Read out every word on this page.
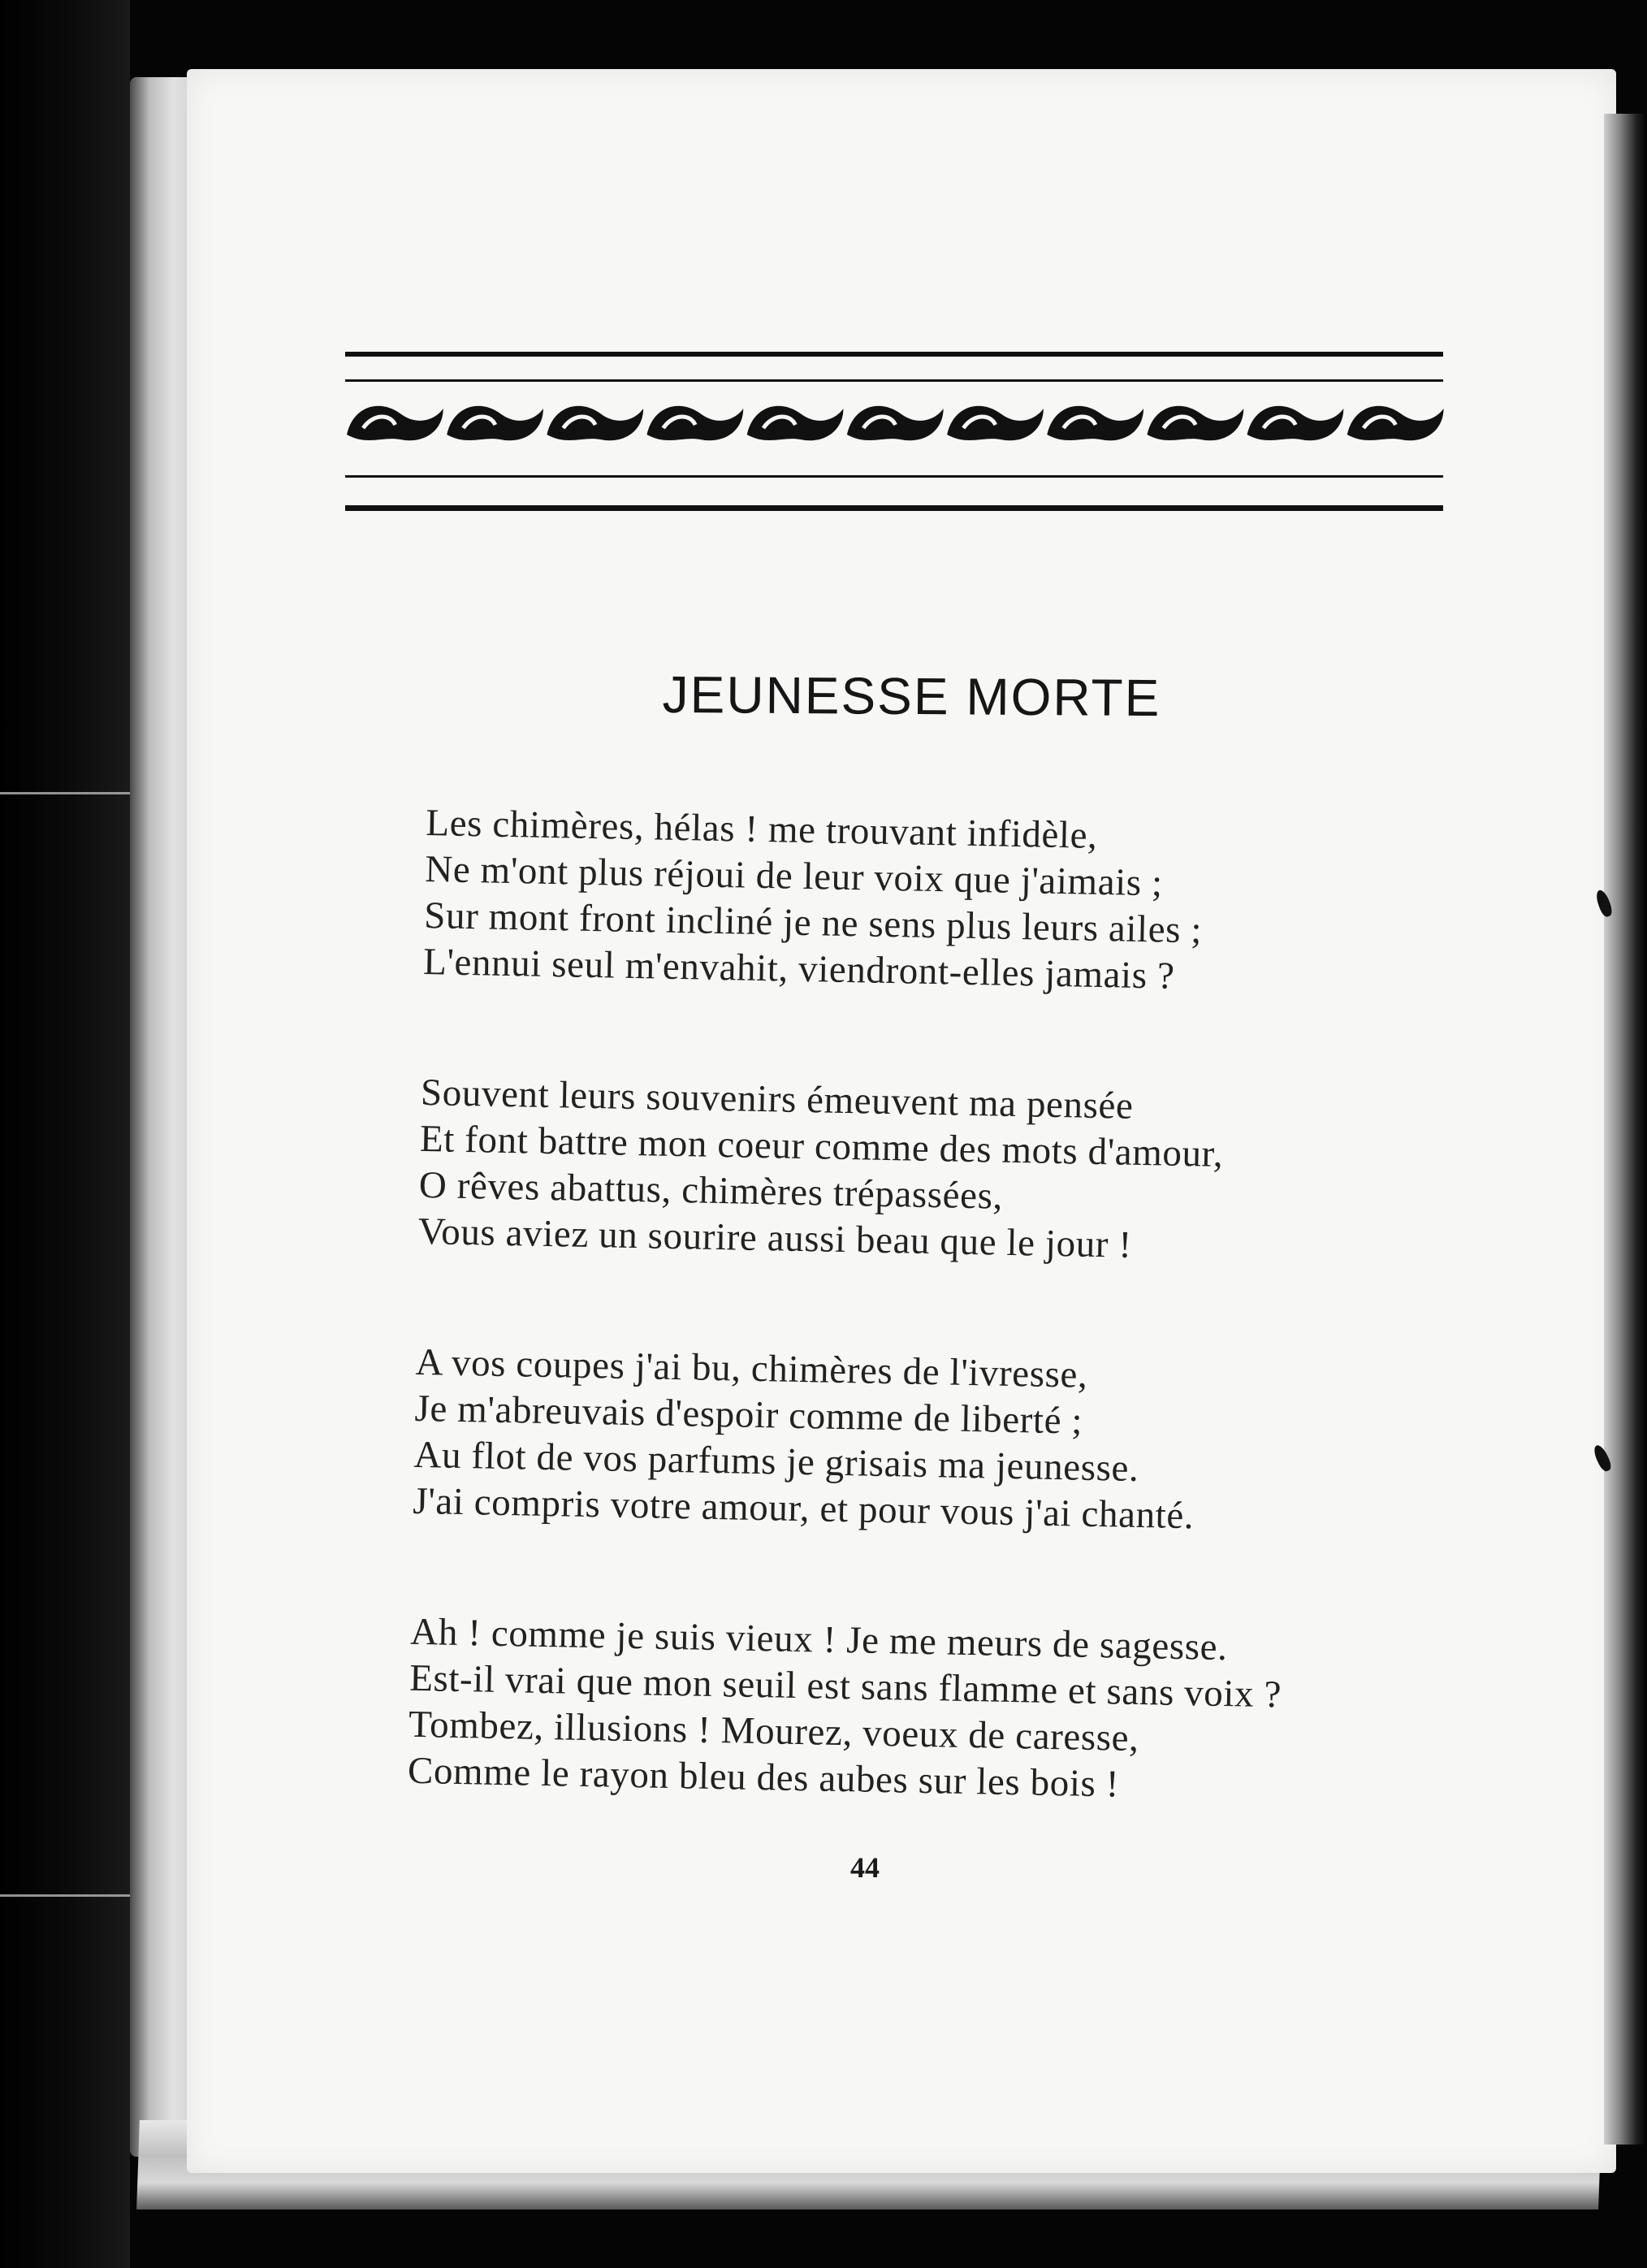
JEUNESSE MORTE
Les chimères, hélas ! me trouvant infidèle,
Ne m'ont plus réjoui de leur voix que j'aimais ;
Sur mont front incliné je ne sens plus leurs ailes ;
L'ennui seul m'envahit, viendront-elles jamais ?
Souvent leurs souvenirs émeuvent ma pensée
Et font battre mon coeur comme des mots d'amour,
O rêves abattus, chimères trépassées,
Vous aviez un sourire aussi beau que le jour !
A vos coupes j'ai bu, chimères de l'ivresse,
Je m'abreuvais d'espoir comme de liberté ;
Au flot de vos parfums je grisais ma jeunesse.
J'ai compris votre amour, et pour vous j'ai chanté.
Ah ! comme je suis vieux ! Je me meurs de sagesse.
Est-il vrai que mon seuil est sans flamme et sans voix ?
Tombez, illusions ! Mourez, voeux de caresse,
Comme le rayon bleu des aubes sur les bois !
44
